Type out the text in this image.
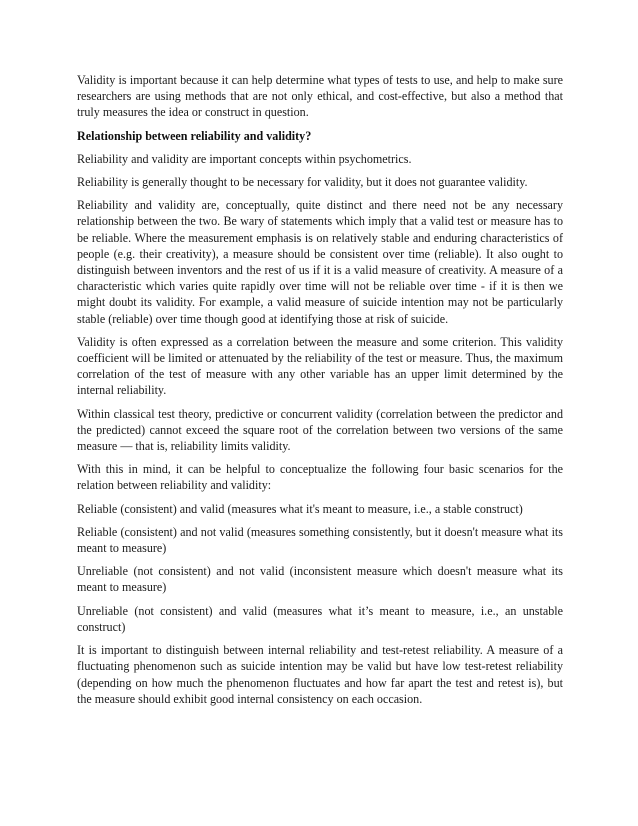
Validity is important because it can help determine what types of tests to use, and help to make sure researchers are using methods that are not only ethical, and cost-effective, but also a method that truly measures the idea or construct in question.

Relationship between reliability and validity?

Reliability and validity are important concepts within psychometrics.

Reliability is generally thought to be necessary for validity, but it does not guarantee validity.

Reliability and validity are, conceptually, quite distinct and there need not be any necessary relationship between the two. Be wary of statements which imply that a valid test or measure has to be reliable. Where the measurement emphasis is on relatively stable and enduring characteristics of people (e.g. their creativity), a measure should be consistent over time (reliable). It also ought to distinguish between inventors and the rest of us if it is a valid measure of creativity. A measure of a characteristic which varies quite rapidly over time will not be reliable over time - if it is then we might doubt its validity. For example, a valid measure of suicide intention may not be particularly stable (reliable) over time though good at identifying those at risk of suicide.

Validity is often expressed as a correlation between the measure and some criterion. This validity coefficient will be limited or attenuated by the reliability of the test or measure. Thus, the maximum correlation of the test of measure with any other variable has an upper limit determined by the internal reliability.

Within classical test theory, predictive or concurrent validity (correlation between the predictor and the predicted) cannot exceed the square root of the correlation between two versions of the same measure — that is, reliability limits validity.

With this in mind, it can be helpful to conceptualize the following four basic scenarios for the relation between reliability and validity:

Reliable (consistent) and valid (measures what it's meant to measure, i.e., a stable construct)

Reliable (consistent) and not valid (measures something consistently, but it doesn't measure what its meant to measure)

Unreliable (not consistent) and not valid (inconsistent measure which doesn't measure what its meant to measure)

Unreliable (not consistent) and valid (measures what it’s meant to measure, i.e., an unstable construct)

It is important to distinguish between internal reliability and test-retest reliability. A measure of a fluctuating phenomenon such as suicide intention may be valid but have low test-retest reliability (depending on how much the phenomenon fluctuates and how far apart the test and retest is), but the measure should exhibit good internal consistency on each occasion.
